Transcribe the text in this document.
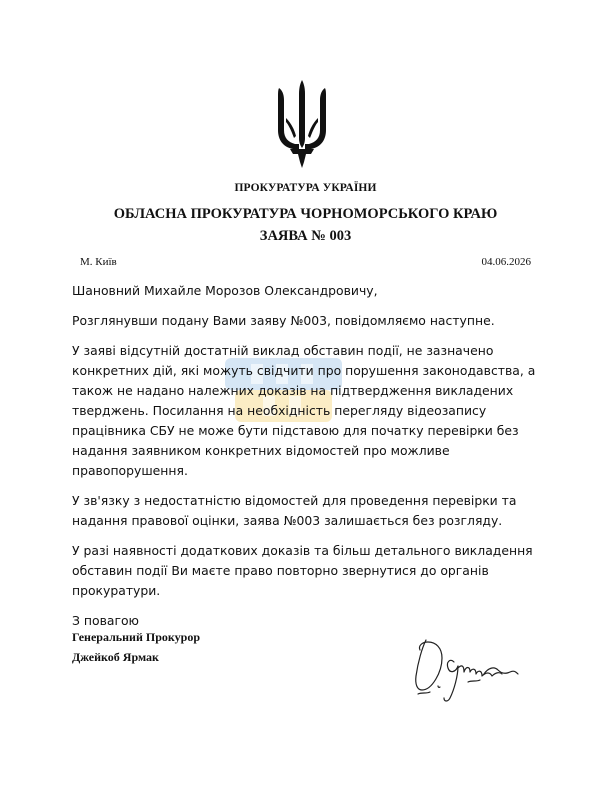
ПРОКУРАТУРА УКРАЇНИ
ОБЛАСНА ПРОКУРАТУРА ЧОРНОМОРСЬКОГО КРАЮ
ЗАЯВА № 003
М. Київ	04.06.2026

Шановний Михайле Морозов Олександровичу,

Розглянувши подану Вами заяву №003, повідомляємо наступне.

У заяві відсутній достатній виклад обставин події, не зазначено конкретних дій, які можуть свідчити про порушення законодавства, а також не надано належних доказів на підтвердження викладених тверджень. Посилання на необхідність перегляду відеозапису працівника СБУ не може бути підставою для початку перевірки без надання заявником конкретних відомостей про можливе правопорушення.

У зв'язку з недостатністю відомостей для проведення перевірки та надання правової оцінки, заява №003 залишається без розгляду.

У разі наявності додаткових доказів та більш детального викладення обставин події Ви маєте право повторно звернутися до органів прокуратури.

З повагою

Генеральний Прокурор
Джейкоб Ярмак
